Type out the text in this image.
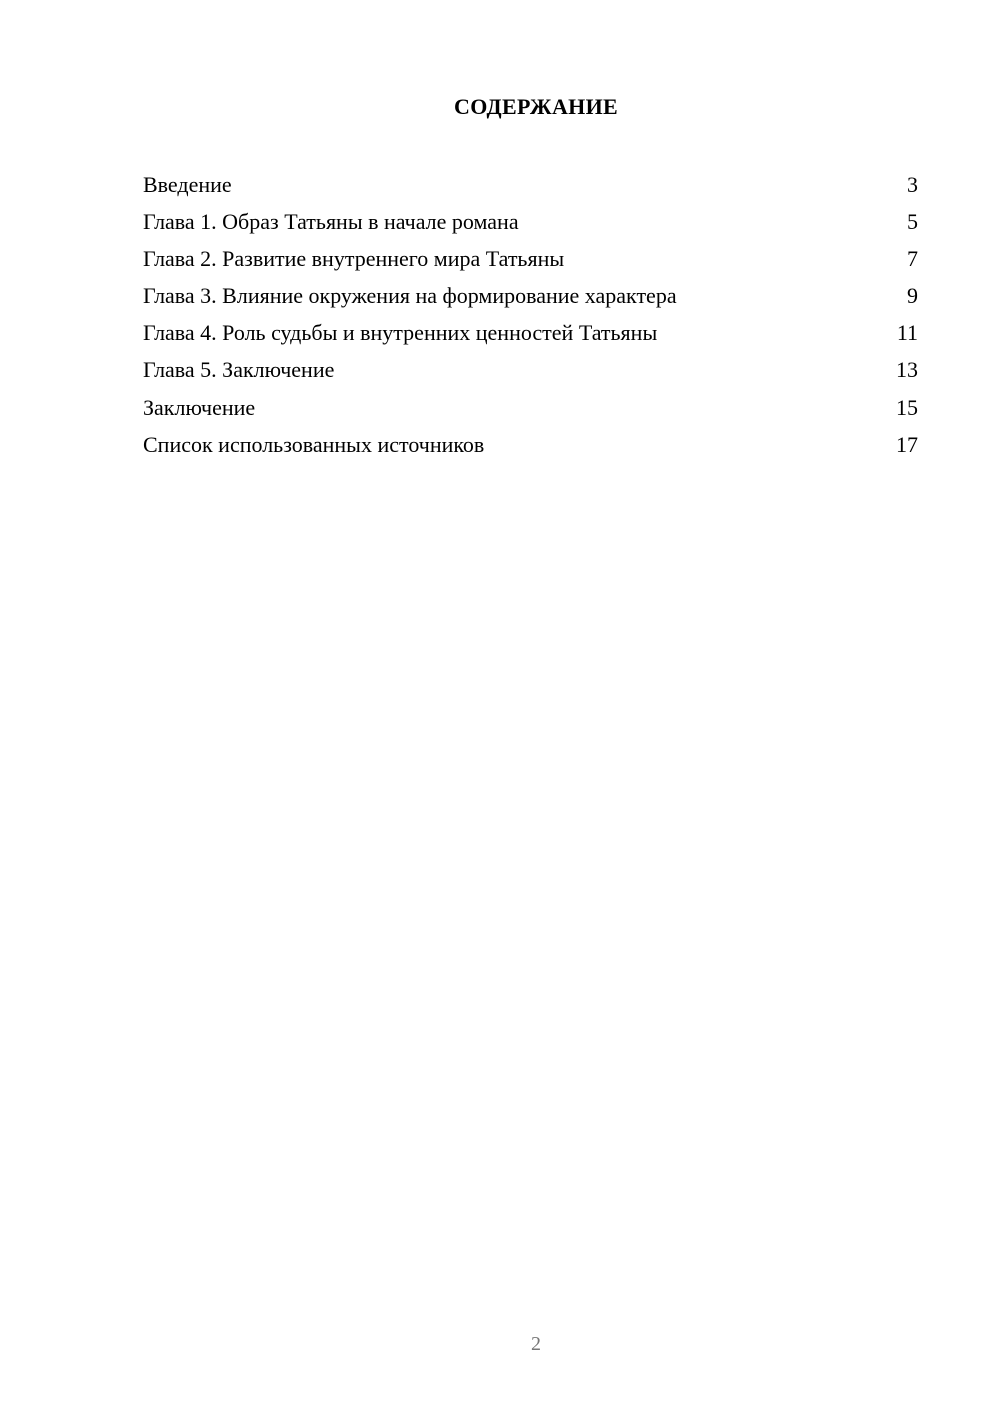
СОДЕРЖАНИЕ
Введение	3
Глава 1. Образ Татьяны в начале романа	5
Глава 2. Развитие внутреннего мира Татьяны	7
Глава 3. Влияние окружения на формирование характера	9
Глава 4. Роль судьбы и внутренних ценностей Татьяны	11
Глава 5. Заключение	13
Заключение	15
Список использованных источников	17
2
